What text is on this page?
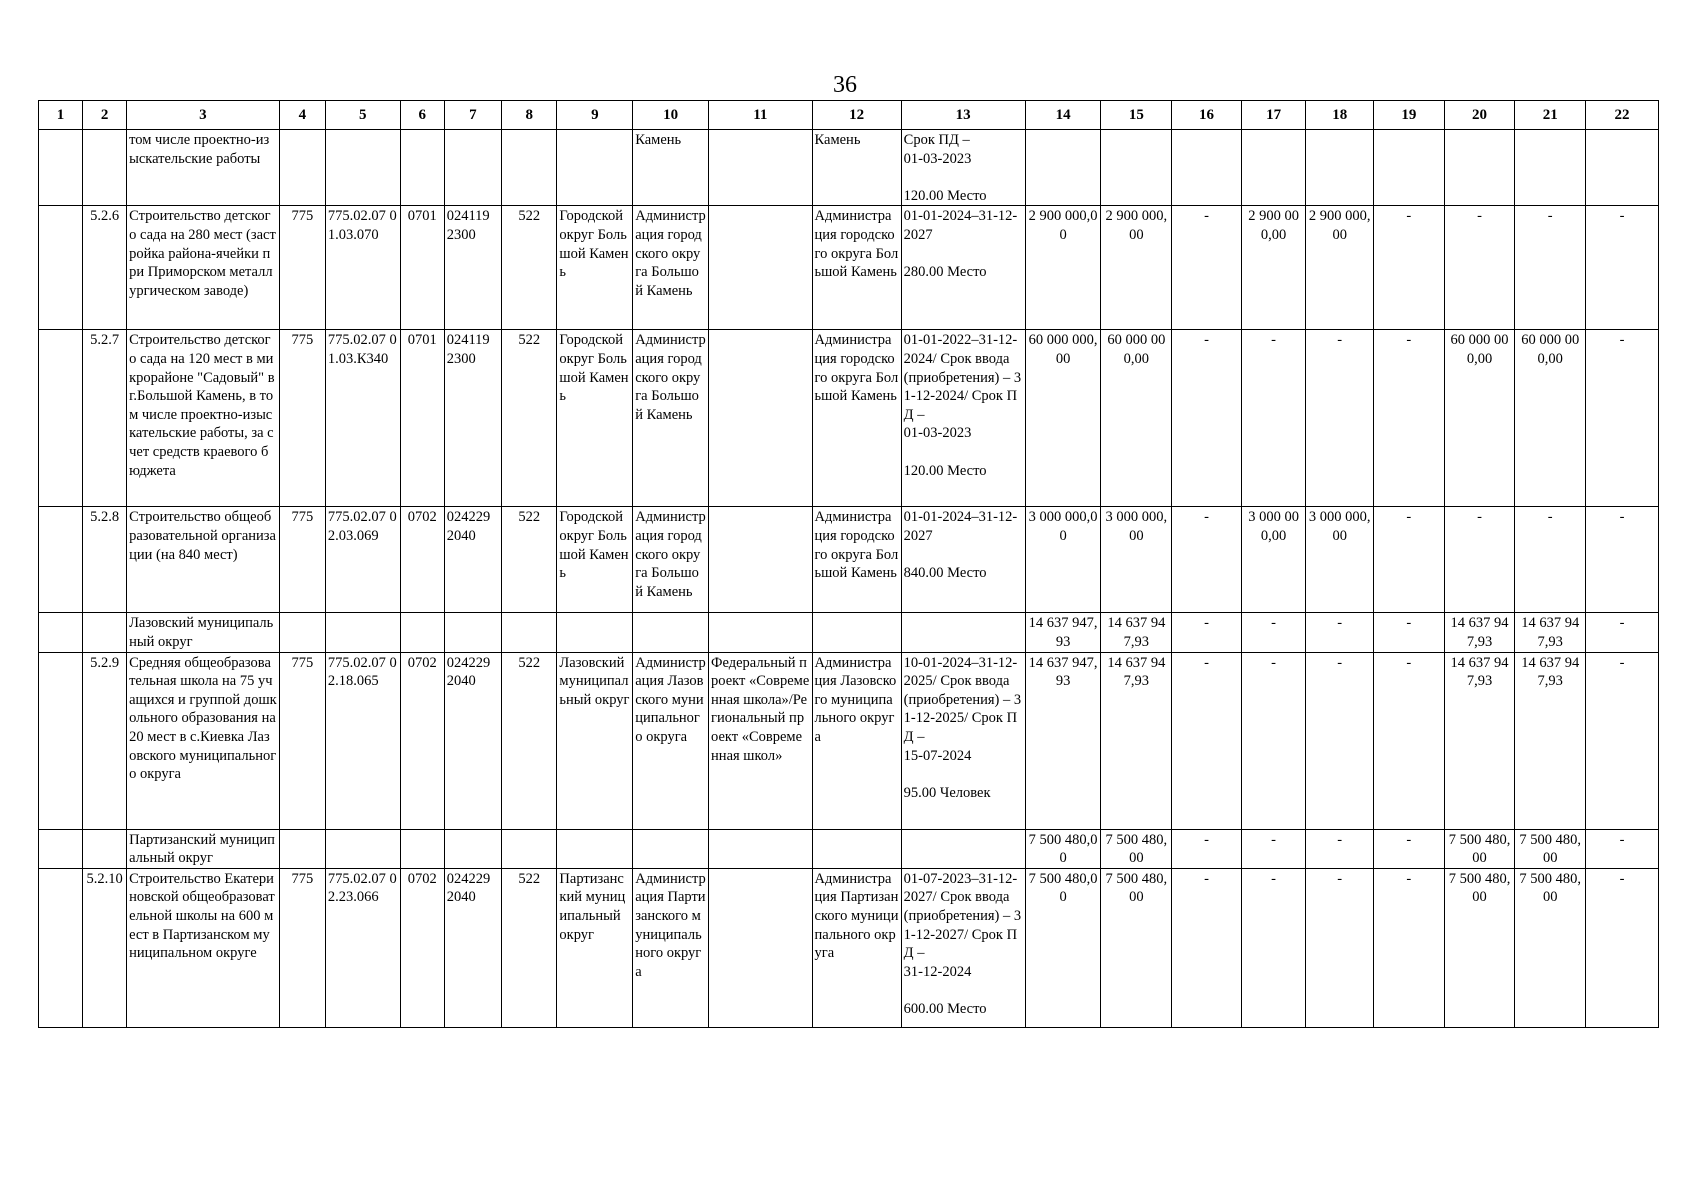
36
1	2	3	4	5	6	7	8	9	10	11	12	13	14	15	16	17	18	19	20	21	22
		том числе проектно-изыскательские работы							Камень		Камень	Срок ПД –
01-03-2023

120.00 Место									
	5.2.6	Строительство детского сада на 280 мест (застройка района-ячейки при Приморском металлургическом заводе)	775	775.02.07 01.03.070	0701	024119 2300	522	Городской округ Большой Камень	Администрация городского округа Большой Камень		Администрация городского округа Большой Камень	01-01-2024–31-12-2027

280.00 Место	2 900 000,00	2 900 000,00	-	2 900 000,00	2 900 000,00	-	-	-	-
	5.2.7	Строительство детского сада на 120 мест в микрорайоне "Садовый" в г.Большой Камень, в том числе проектно-изыскательские работы, за счет средств краевого бюджета	775	775.02.07 01.03.К340	0701	024119 2300	522	Городской округ Большой Камень	Администрация городского округа Большой Камень		Администрация городского округа Большой Камень	01-01-2022–31-12-2024/ Срок ввода (приобретения) – 31-12-2024/ Срок ПД –
01-03-2023

120.00 Место	60 000 000,00	60 000 000,00	-	-	-	-	60 000 000,00	60 000 000,00	-
	5.2.8	Строительство общеобразовательной организации (на 840 мест)	775	775.02.07 02.03.069	0702	024229 2040	522	Городской округ Большой Камень	Администрация городского округа Большой Камень		Администрация городского округа Большой Камень	01-01-2024–31-12-2027

840.00 Место	3 000 000,00	3 000 000,00	-	3 000 000,00	3 000 000,00	-	-	-	-
		Лазовский муниципальный округ											14 637 947,93	14 637 947,93	-	-	-	-	14 637 947,93	14 637 947,93	-
	5.2.9	Средняя общеобразовательная школа на 75 учащихся и группой дошкольного образования на 20 мест в с.Киевка Лазовского муниципального округа	775	775.02.07 02.18.065	0702	024229 2040	522	Лазовский муниципальный округ	Администрация Лазовского муниципального округа	Федеральный проект «Современная школа»/Региональный проект «Современная школ»	Администрация Лазовского муниципального округа	10-01-2024–31-12-2025/ Срок ввода (приобретения) – 31-12-2025/ Срок ПД –
15-07-2024

95.00 Человек	14 637 947,93	14 637 947,93	-	-	-	-	14 637 947,93	14 637 947,93	-
		Партизанский муниципальный округ											7 500 480,00	7 500 480,00	-	-	-	-	7 500 480,00	7 500 480,00	-
	5.2.10	Строительство Екатериновской общеобразовательной школы на 600 мест в Партизанском муниципальном округе	775	775.02.07 02.23.066	0702	024229 2040	522	Партизанский муниципальный округ	Администрация Партизанского муниципального округа		Администрация Партизанского муниципального округа	01-07-2023–31-12-2027/ Срок ввода (приобретения) – 31-12-2027/ Срок ПД –
31-12-2024

600.00 Место	7 500 480,00	7 500 480,00	-	-	-	-	7 500 480,00	7 500 480,00	-
